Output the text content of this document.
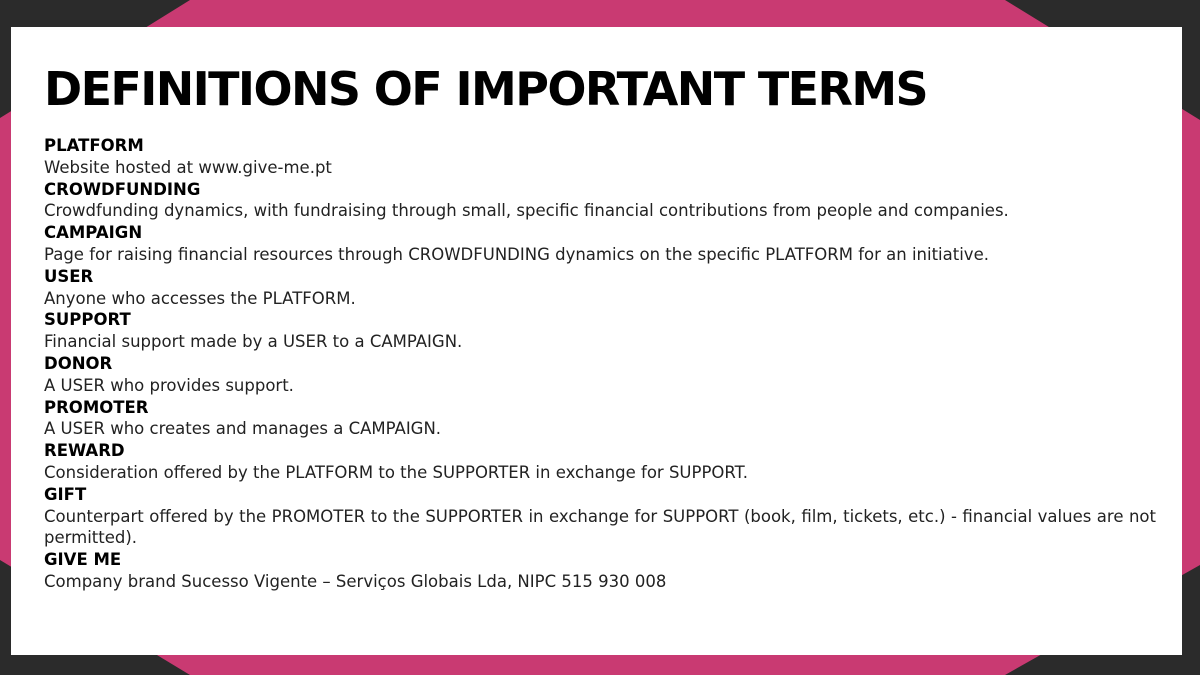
DEFINITIONS OF IMPORTANT TERMS
PLATFORM
Website hosted at www.give-me.pt
CROWDFUNDING
Crowdfunding dynamics, with fundraising through small, specific financial contributions from people and companies.
CAMPAIGN
Page for raising financial resources through CROWDFUNDING dynamics on the specific PLATFORM for an initiative.
USER
Anyone who accesses the PLATFORM.
SUPPORT
Financial support made by a USER to a CAMPAIGN.
DONOR
A USER who provides support.
PROMOTER
A USER who creates and manages a CAMPAIGN.
REWARD
Consideration offered by the PLATFORM to the SUPPORTER in exchange for SUPPORT.
GIFT
Counterpart offered by the PROMOTER to the SUPPORTER in exchange for SUPPORT (book, film, tickets, etc.) - financial values are not permitted).
GIVE ME
Company brand Sucesso Vigente – Serviços Globais Lda, NIPC 515 930 008
